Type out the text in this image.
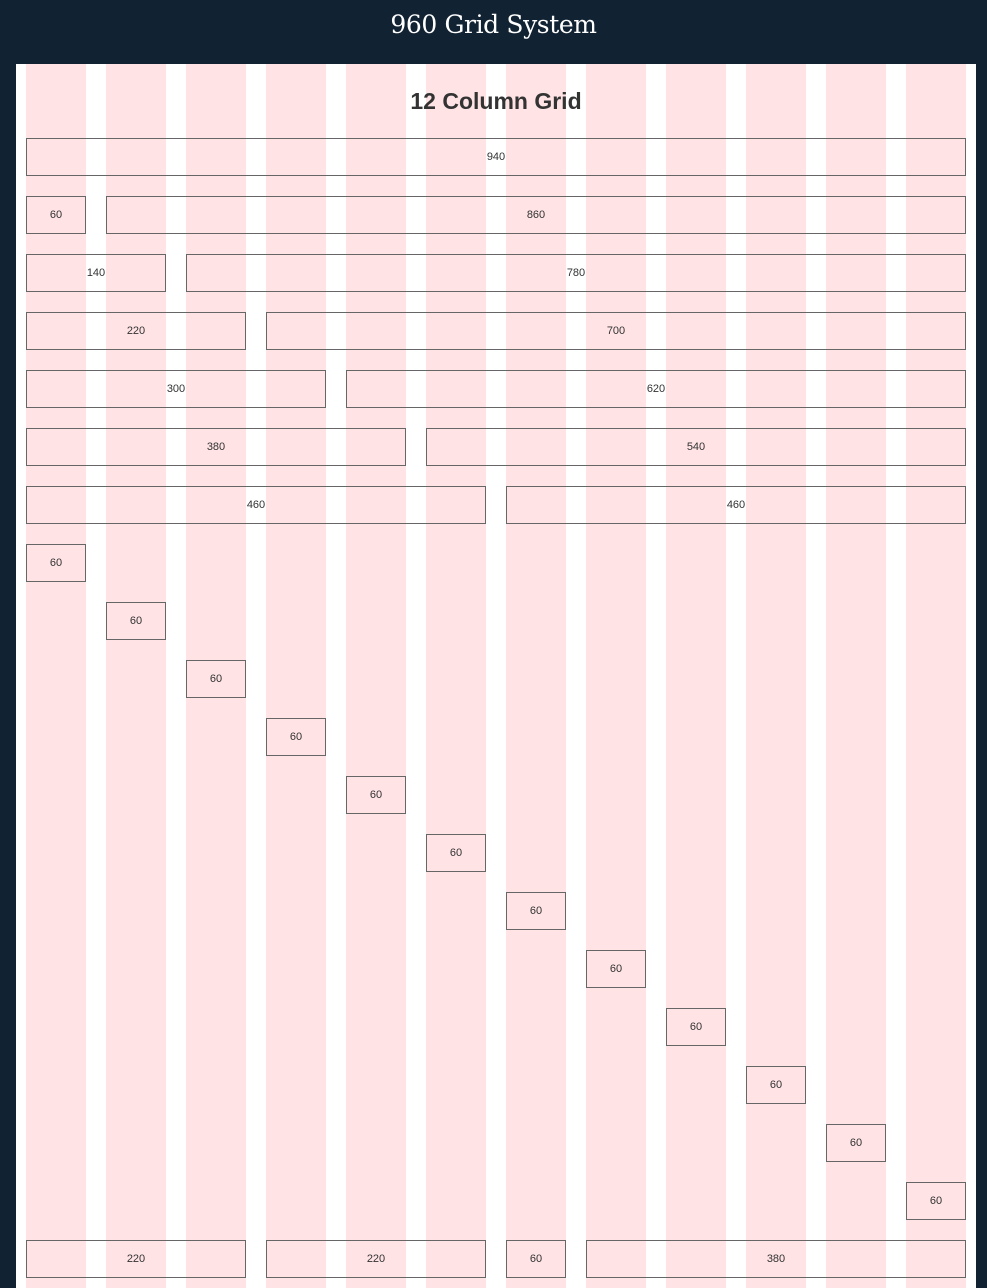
960 Grid System
12 Column Grid
940
60	860
140	780
220	700
300	620
380	540
460	460
60
60
60
60
60
60
60
60
60
60
60
60
220	220	60	380
